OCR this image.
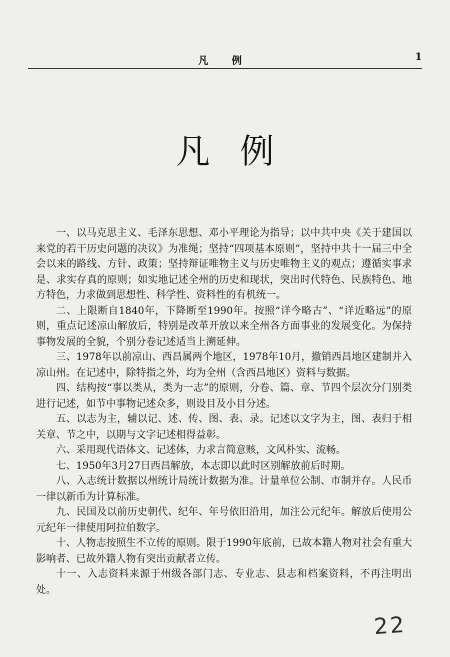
凡 例	1
凡例

一、以马克思主义、毛泽东思想、邓小平理论为指导；以中共中央《关于建国以来党的若干历史问题的决议》为准绳；坚持“四项基本原则”，坚持中共十一届三中全会以来的路线、方针、政策；坚持辩证唯物主义与历史唯物主义的观点；遵循实事求是、求实存真的原则；如实地记述全州的历史和现状，突出时代特色、民族特色、地方特色，力求做到思想性、科学性、资料性的有机统一。

二、上限断自1840年，下降断至1990年。按照“详今略古”、“详近略远”的原则，重点记述凉山解放后，特别是改革开放以来全州各方面事业的发展变化。为保持事物发展的全貌，个别分卷记述适当上溯延伸。

三、1978年以前凉山、西昌属两个地区，1978年10月，撤销西昌地区建制并入凉山州。在记述中，除特指之外，均为全州（含西昌地区）资料与数据。

四、结构按“事以类从，类为一志”的原则，分卷、篇、章、节四个层次分门别类进行记述，如节中事物记述众多，则设目及小目分述。

五、以志为主，辅以记、述、传、图、表、录。记述以文字为主，图、表归于相关章、节之中，以期与文字记述相得益彰。

六、采用现代语体文、记述体，力求言简意赅，文风朴实、流畅。

七、1950年3月27日西昌解放，本志即以此时区别解放前后时期。

八、入志统计数据以州统计局统计数据为准。计量单位公制、市制并存。人民币一律以新币为计算标准。

九、民国及以前历史朝代、纪年、年号依旧沿用，加注公元纪年。解放后使用公元纪年一律使用阿拉伯数字。

十、人物志按照生不立传的原则。限于1990年底前，已故本籍人物对社会有重大影响者、已故外籍人物有突出贡献者立传。

十一、入志资料来源于州级各部门志、专业志、县志和档案资料，不再注明出处。

22
